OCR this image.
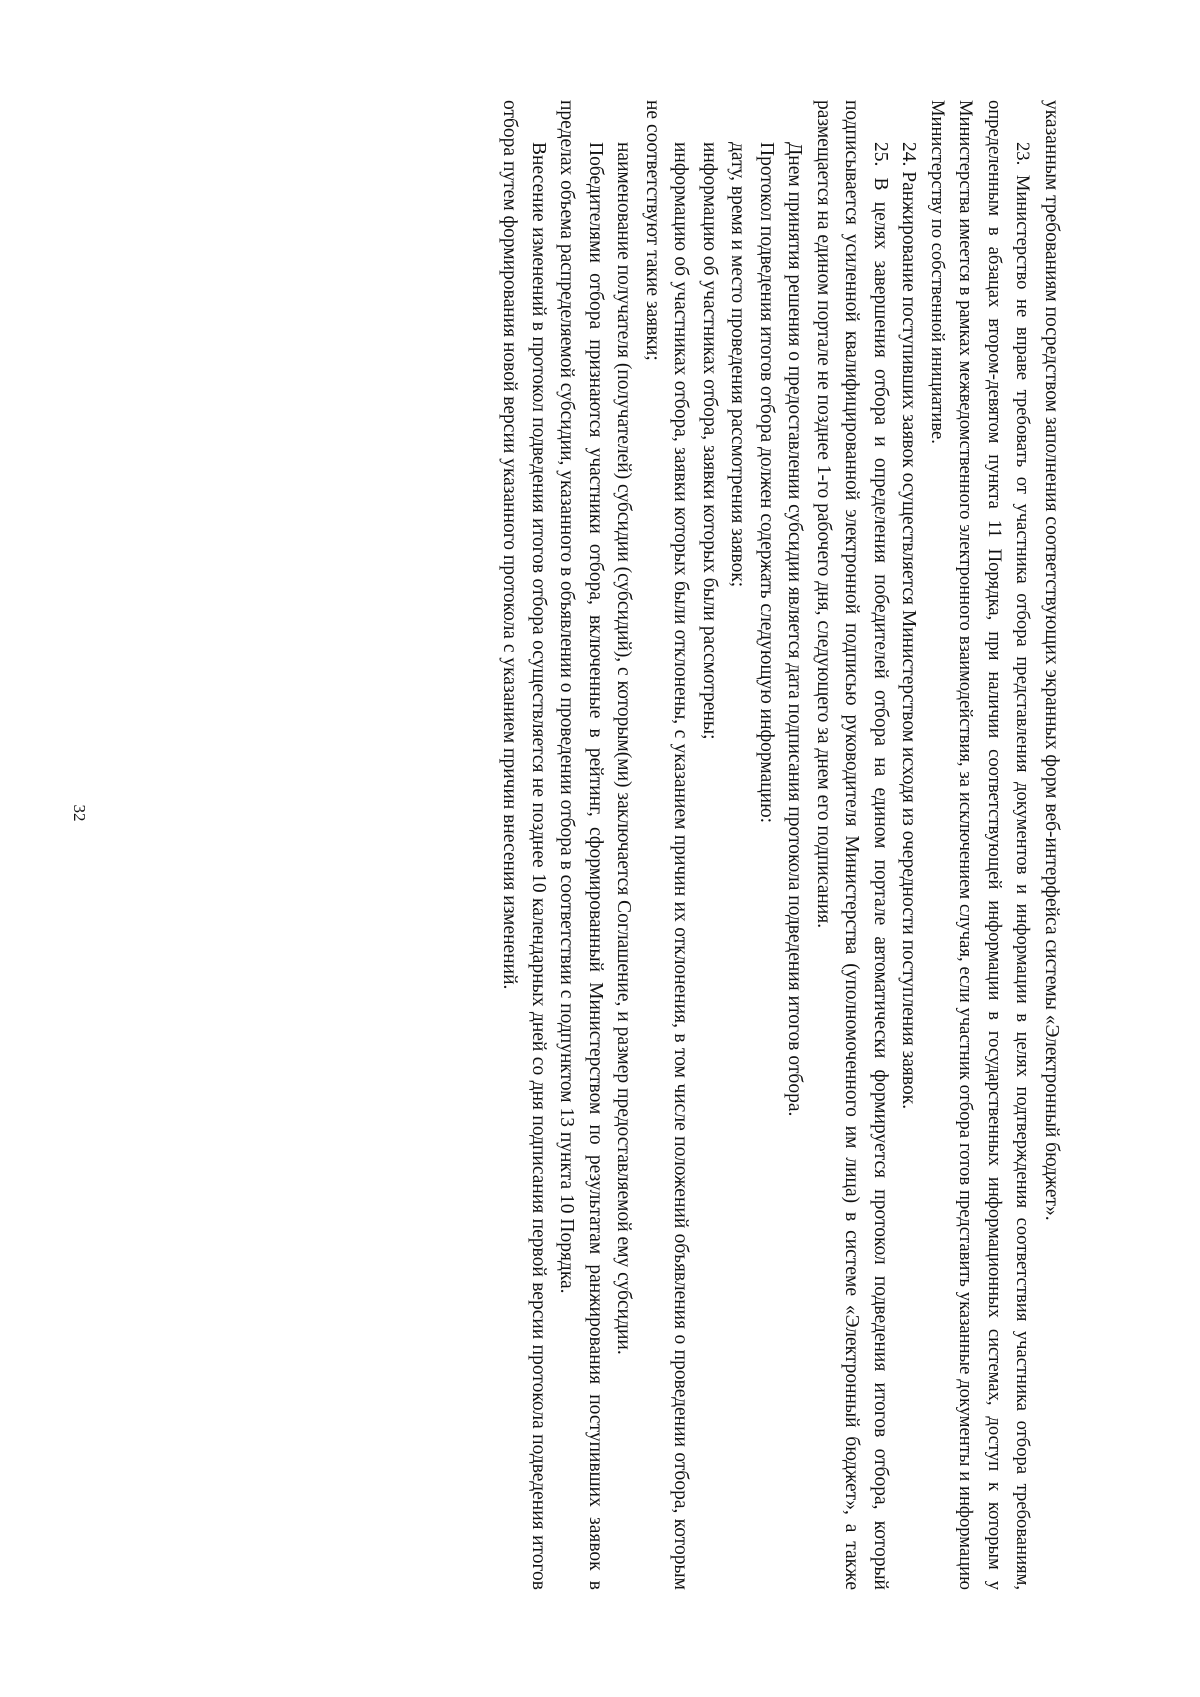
32	указанным требованиям посредством заполнения соответствующих экранных форм веб-интерфейса системы «Электронный бюджет».

23. Министерство не вправе требовать от участника отбора представления документов и информации в целях подтверждения соответствия участника отбора требованиям, определенным в абзацах втором-девятом пункта 11 Порядка, при наличии соответствующей информации в государственных информационных системах, доступ к которым у Министерства имеется в рамках межведомственного электронного взаимодействия, за исключением случая, если участник отбора готов представить указанные документы и информацию Министерству по собственной инициативе.

24. Ранжирование поступивших заявок осуществляется Министерством исходя из очередности поступления заявок.

25. В целях завершения отбора и определения победителей отбора на едином портале автоматически формируется протокол подведения итогов отбора, который подписывается усиленной квалифицированной электронной подписью руководителя Министерства (уполномоченного им лица) в системе «Электронный бюджет», а также размещается на едином портале не позднее 1-го рабочего дня, следующего за днем его подписания.

Днем принятия решения о предоставлении субсидии является дата подписания протокола подведения итогов отбора.

Протокол подведения итогов отбора должен содержать следующую информацию:

дату, время и место проведения рассмотрения заявок;

информацию об участниках отбора, заявки которых были рассмотрены;

информацию об участниках отбора, заявки которых были отклонены, с указанием причин их отклонения, в том числе положений объявления о проведении отбора, которым не соответствуют такие заявки;

наименование получателя (получателей) субсидии (субсидий), с которым(ми) заключается Соглашение, и размер предоставляемой ему субсидии.

Победителями отбора признаются участники отбора, включенные в рейтинг, сформированный Министерством по результатам ранжирования поступивших заявок в пределах объема распределяемой субсидии, указанного в объявлении о проведении отбора в соответствии с подпунктом 13 пункта 10 Порядка.

Внесение изменений в протокол подведения итогов отбора осуществляется не позднее 10 календарных дней со дня подписания первой версии протокола подведения итогов отбора путем формирования новой версии указанного протокола с указанием причин внесения изменений.
